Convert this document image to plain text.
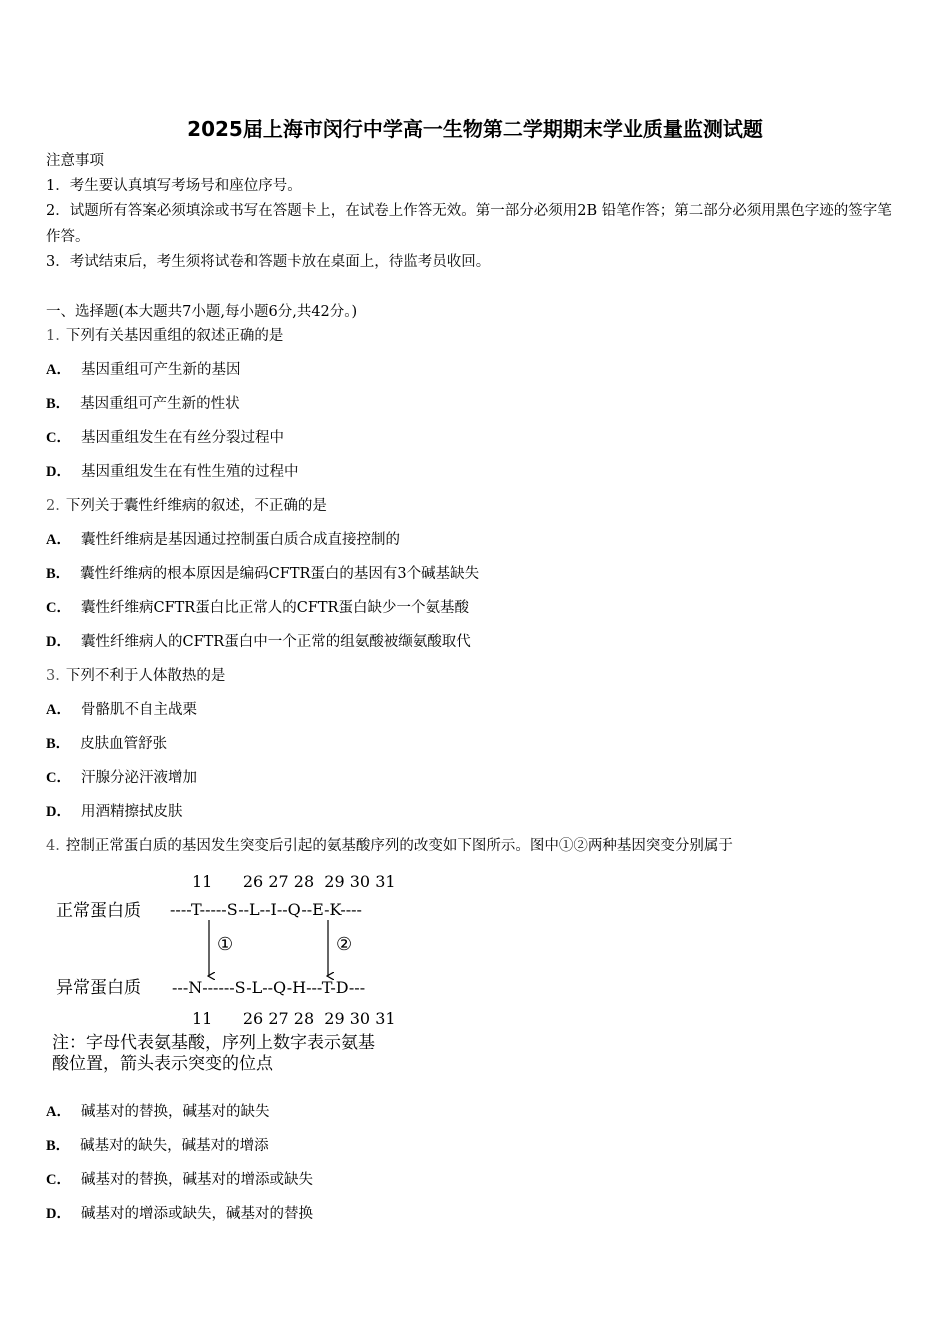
2025届上海市闵行中学高一生物第二学期期末学业质量监测试题
注意事项
1．考生要认真填写考场号和座位序号。
2．试题所有答案必须填涂或书写在答题卡上，在试卷上作答无效。第一部分必须用2B 铅笔作答；第二部分必须用黑色字迹的签字笔作答。
3．考试结束后，考生须将试卷和答题卡放在桌面上，待监考员收回。
一、选择题(本大题共7小题,每小题6分,共42分。)
1. 下列有关基因重组的叙述正确的是
A． 基因重组可产生新的基因
B． 基因重组可产生新的性状
C． 基因重组发生在有丝分裂过程中
D． 基因重组发生在有性生殖的过程中
2. 下列关于囊性纤维病的叙述，不正确的是
A． 囊性纤维病是基因通过控制蛋白质合成直接控制的
B． 囊性纤维病的根本原因是编码CFTR蛋白的基因有3个碱基缺失
C． 囊性纤维病CFTR蛋白比正常人的CFTR蛋白缺少一个氨基酸
D． 囊性纤维病人的CFTR蛋白中一个正常的组氨酸被缬氨酸取代
3. 下列不利于人体散热的是
A． 骨骼肌不自主战栗
B． 皮肤血管舒张
C． 汗腺分泌汗液增加
D． 用酒精擦拭皮肤
4. 控制正常蛋白质的基因发生突变后引起的氨基酸序列的改变如下图所示。图中①②两种基因突变分别属于
11      26 27 28  29 30 31
正常蛋白质 ----T-----S--L--I--Q--E-K----
①	②
异常蛋白质 ---N------S-L--Q-H---T-D---
11      26 27 28  29 30 31
注：字母代表氨基酸，序列上数字表示氨基
酸位置，箭头表示突变的位点
A． 碱基对的替换，碱基对的缺失
B． 碱基对的缺失，碱基对的增添
C． 碱基对的替换，碱基对的增添或缺失
D． 碱基对的增添或缺失，碱基对的替换
